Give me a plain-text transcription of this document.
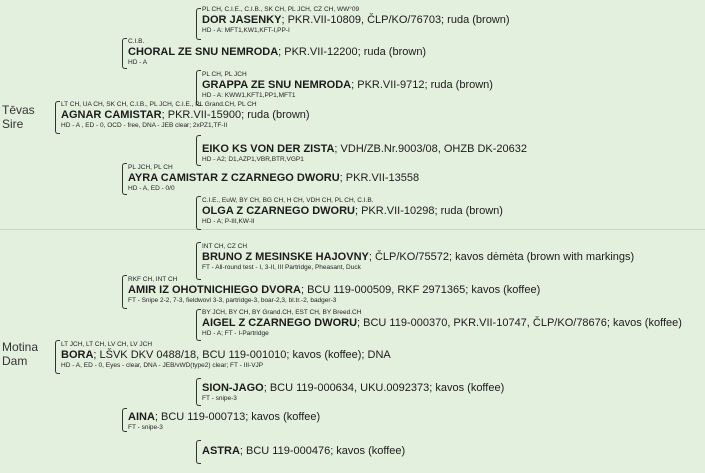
Tēvas
Sire
Motina
Dam
PL CH, C.I.E., C.I.B., SK CH, PL JCH, CZ CH, WW°09
DOR JASENKY; PKR.VII-10809, ČLP/KO/76703; ruda (brown)
HD - A: MFT1,KW1,KFT-I,PP-I
C.I.B.
CHORAL ZE SNU NEMRODA; PKR.VII-12200; ruda (brown)
HD - A
PL CH, PL JCH
GRAPPA ZE SNU NEMRODA; PKR.VII-9712; ruda (brown)
HD - A: KWW1,KFT1,PP1,MFT1
LT CH, UA CH, SK CH, C.I.B., PL JCH, C.I.E., PL Grand.CH, PL CH
AGNAR CAMISTAR; PKR.VII-15900; ruda (brown)
HD - A , ED - 0, OCD - free, DNA - JEB clear; 2xPZ1,TF-II
EIKO KS VON DER ZISTA; VDH/ZB.Nr.9003/08, OHZB DK-20632
HD - A2; D1,AZP1,VBR,BTR,VGP1
PL JCH, PL CH
AYRA CAMISTAR Z CZARNEGO DWORU; PKR.VII-13558
HD - A, ED - 0/0
C.I.E., EuW, BY CH, BG CH, H CH, VDH CH, PL CH, C.I.B.
OLGA Z CZARNEGO DWORU; PKR.VII-10298; ruda (brown)
HD - A; P-III,KW-II
INT CH, CZ CH
BRUNO Z MESINSKE HAJOVNY; ČLP/KO/75572; kavos dėmėta (brown with markings)
FT - All-round test - I, 3-II, III Partridge, Pheasant, Duck
RKF CH, INT CH
AMIR IZ OHOTNICHIEGO DVORA; BCU 119-000509, RKF 2971365; kavos (koffee)
FT - Snipe 2-2, 7-3, fieldwovl 3-3, partridge-3, boar-2,3, bl.tr.-2, badger-3
BY JCH, BY CH, BY Grand.CH, EST CH, BY Breed.CH
AIGEL Z CZARNEGO DWORU; BCU 119-000370, PKR.VII-10747, ČLP/KO/78676; kavos (koffee)
HD - A; FT - I-Partridge
LT JCH, LT CH, LV CH, LV JCH
BORA; LŠVK DKV 0488/18, BCU 119-001010; kavos (koffee); DNA
HD - A, ED - 0, Eyes - clear, DNA - JEB/vWD(type2) clear; FT - III-VJP
SION-JAGO; BCU 119-000634, UKU.0092373; kavos (koffee)
FT - snipe-3
AINA; BCU 119-000713; kavos (koffee)
FT - snipe-3
ASTRA; BCU 119-000476; kavos (koffee)
